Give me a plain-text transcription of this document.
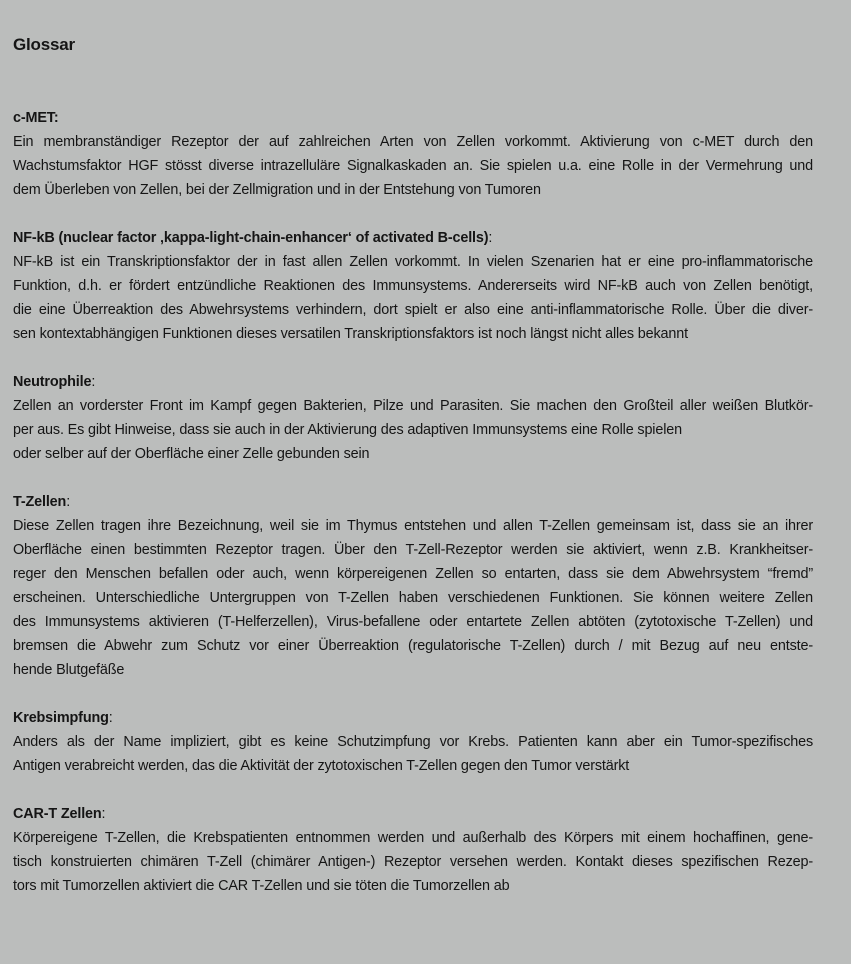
Glossar
c-MET:
Ein membranständiger Rezeptor der auf zahlreichen Arten von Zellen vorkommt. Aktivierung von c-MET durch den
Wachstumsfaktor HGF stösst diverse intrazelluläre Signalkaskaden an. Sie spielen u.a. eine Rolle in der Vermehrung und
dem Überleben von Zellen, bei der Zellmigration und in der Entstehung von Tumoren
NF-kB (nuclear factor ‚kappa-light-chain-enhancer‘ of activated B-cells):
NF-kB ist ein Transkriptionsfaktor der in fast allen Zellen vorkommt. In vielen Szenarien hat er eine pro-inflammatorische
Funktion, d.h. er fördert entzündliche Reaktionen des Immunsystems. Andererseits wird NF-kB auch von Zellen benötigt,
die eine Überreaktion des Abwehrsystems verhindern, dort spielt er also eine anti-inflammatorische Rolle. Über die diver-
sen kontextabhängigen Funktionen dieses versatilen Transkriptionsfaktors ist noch längst nicht alles bekannt
Neutrophile:
Zellen an vorderster Front im Kampf gegen Bakterien, Pilze und Parasiten. Sie machen den Großteil aller weißen Blutkör-
per aus. Es gibt Hinweise, dass sie auch in der Aktivierung des adaptiven Immunsystems eine Rolle spielen
oder selber auf der Oberfläche einer Zelle gebunden sein
T-Zellen:
Diese Zellen tragen ihre Bezeichnung, weil sie im Thymus entstehen und allen T-Zellen gemeinsam ist, dass sie an ihrer
Oberfläche einen bestimmten Rezeptor tragen. Über den T-Zell-Rezeptor werden sie aktiviert, wenn z.B. Krankheitser-
reger den Menschen befallen oder auch, wenn körpereigenen Zellen so entarten, dass sie dem Abwehrsystem “fremd”
erscheinen. Unterschiedliche Untergruppen von T-Zellen haben verschiedenen Funktionen. Sie können weitere Zellen
des Immunsystems aktivieren (T-Helferzellen), Virus-befallene oder entartete Zellen abtöten (zytotoxische T-Zellen) und
bremsen die Abwehr zum Schutz vor einer Überreaktion (regulatorische T-Zellen) durch / mit Bezug auf neu entste-
hende Blutgefäße
Krebsimpfung:
Anders als der Name impliziert, gibt es keine Schutzimpfung vor Krebs. Patienten kann aber ein Tumor-spezifisches
Antigen verabreicht werden, das die Aktivität der zytotoxischen T-Zellen gegen den Tumor verstärkt
CAR-T Zellen:
Körpereigene T-Zellen, die Krebspatienten entnommen werden und außerhalb des Körpers mit einem hochaffinen, gene-
tisch konstruierten chimären T-Zell (chimärer Antigen-) Rezeptor versehen werden. Kontakt dieses spezifischen Rezep-
tors mit Tumorzellen aktiviert die CAR T-Zellen und sie töten die Tumorzellen ab
